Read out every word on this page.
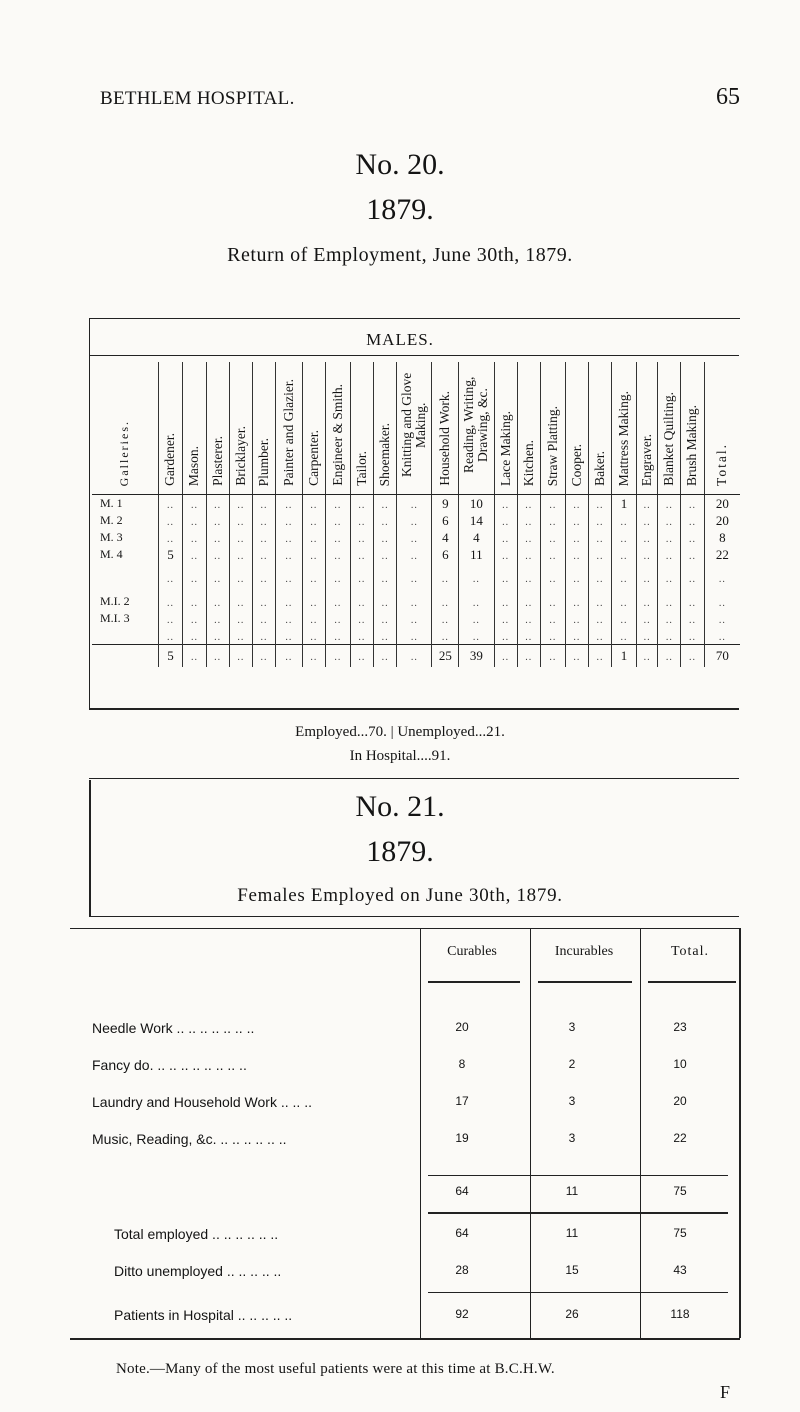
BETHLEM HOSPITAL.	65
No. 20.
1879.
Return of Employment, June 30th, 1879.
MALES.
Galleries.	Gardener.	Mason.	Plasterer.	Bricklayer.	Plumber.	Painter and Glazier.	Carpenter.	Engineer & Smith.	Tailor.	Shoemaker.	Knitting and Glove Making.	Household Work.	Reading, Writing, Drawing, &c.	Lace Making.	Kitchen.	Straw Platting.	Cooper.	Baker.	Mattress Making.	Engraver.	Blanket Quilting.	Brush Making.	Total.
M. 1	..	..	..	..	..	..	..	..	..	..	..	9	10	..	..	..	..	..	1	..	..	..	20
M. 2	..	..	..	..	..	..	..	..	..	..	..	6	14	..	..	..	..	..	..	..	..	..	20
M. 3	..	..	..	..	..	..	..	..	..	..	..	4	4	..	..	..	..	..	..	..	..	..	8
M. 4	5	..	..	..	..	..	..	..	..	..	..	6	11	..	..	..	..	..	..	..	..	..	22
	..	..	..	..	..	..	..	..	..	..	..	..	..	..	..	..	..	..	..	..	..	..	..
M.I. 2	..	..	..	..	..	..	..	..	..	..	..	..	..	..	..	..	..	..	..	..	..	..	..
M.I. 3	..	..	..	..	..	..	..	..	..	..	..	..	..	..	..	..	..	..	..	..	..	..	..
	..	..	..	..	..	..	..	..	..	..	..	..	..	..	..	..	..	..	..	..	..	..	..
	5	..	..	..	..	..	..	..	..	..	..	25	39	..	..	..	..	..	1	..	..	..	70
Employed...70. | Unemployed...21.
In Hospital....91.
No. 21.
1879.
Females Employed on June 30th, 1879.
Curables	Incurables	Total.
Needle Work .. .. .. .. .. .. ..	20	3	23
Fancy do. .. .. .. .. .. .. .. ..	8	2	10
Laundry and Household Work .. .. ..	17	3	20
Music, Reading, &c. .. .. .. .. .. ..	19	3	22
64	11	75
Total employed .. .. .. .. .. ..	64	11	75
Ditto unemployed .. .. .. .. ..	28	15	43
Patients in Hospital .. .. .. .. ..	92	26	118
Note.—Many of the most useful patients were at this time at B.C.H.W.
F
